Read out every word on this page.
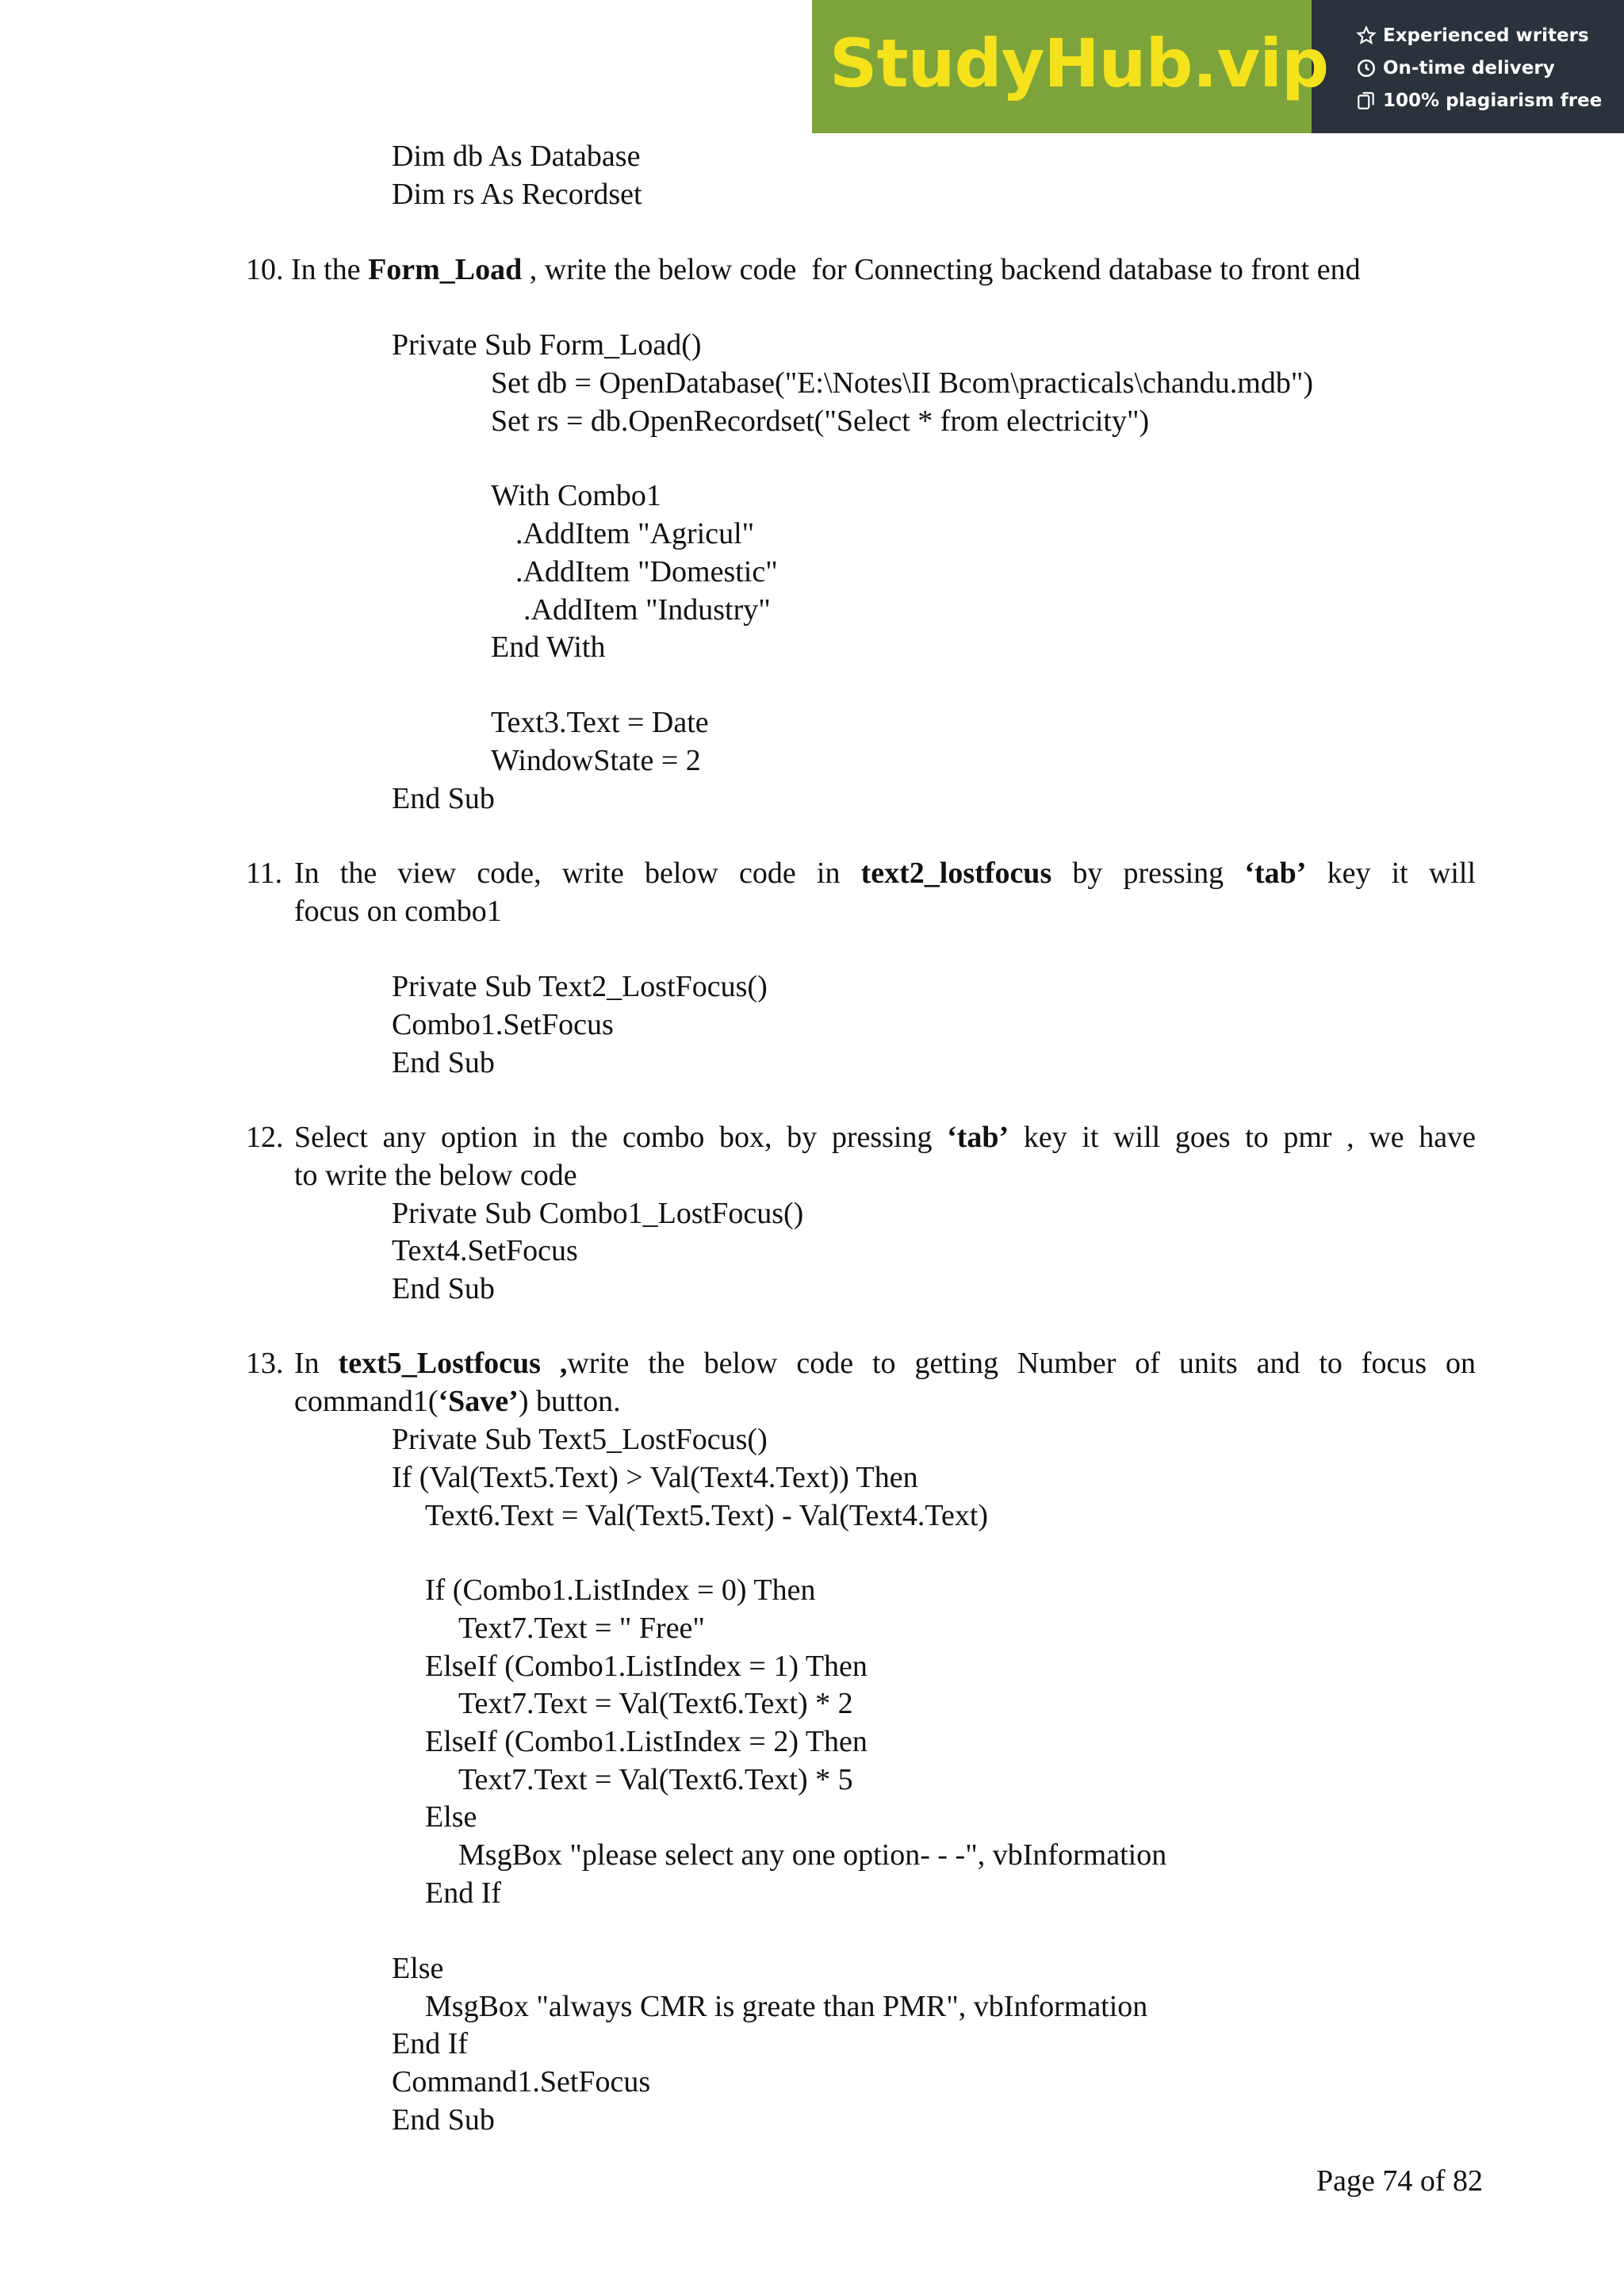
StudyHub.vip	Experienced writers
On-time delivery
100% plagiarism free
Dim db As Database
Dim rs As Recordset
10. In the Form_Load , write the below code  for Connecting backend database to front end
Private Sub Form_Load()
Set db = OpenDatabase("E:\Notes\II Bcom\practicals\chandu.mdb")
Set rs = db.OpenRecordset("Select * from electricity")
With Combo1
.AddItem "Agricul"
.AddItem "Domestic"
.AddItem "Industry"
End With
Text3.Text = Date
WindowState = 2
End Sub
11. In the view code, write below code in text2_lostfocus by pressing ‘tab’ key it will
focus on combo1
Private Sub Text2_LostFocus()
Combo1.SetFocus
End Sub
12. Select any option in the combo box, by pressing ‘tab’ key it will goes to pmr , we have
to write the below code
Private Sub Combo1_LostFocus()
Text4.SetFocus
End Sub
13. In text5_Lostfocus ,write the below code to getting Number of units and to focus on
command1(‘Save’) button.
Private Sub Text5_LostFocus()
If (Val(Text5.Text) > Val(Text4.Text)) Then
Text6.Text = Val(Text5.Text) - Val(Text4.Text)
If (Combo1.ListIndex = 0) Then
Text7.Text = " Free"
ElseIf (Combo1.ListIndex = 1) Then
Text7.Text = Val(Text6.Text) * 2
ElseIf (Combo1.ListIndex = 2) Then
Text7.Text = Val(Text6.Text) * 5
Else
MsgBox "please select any one option- - -", vbInformation
End If
Else
MsgBox "always CMR is greate than PMR", vbInformation
End If
Command1.SetFocus
End Sub
Page 74 of 82
